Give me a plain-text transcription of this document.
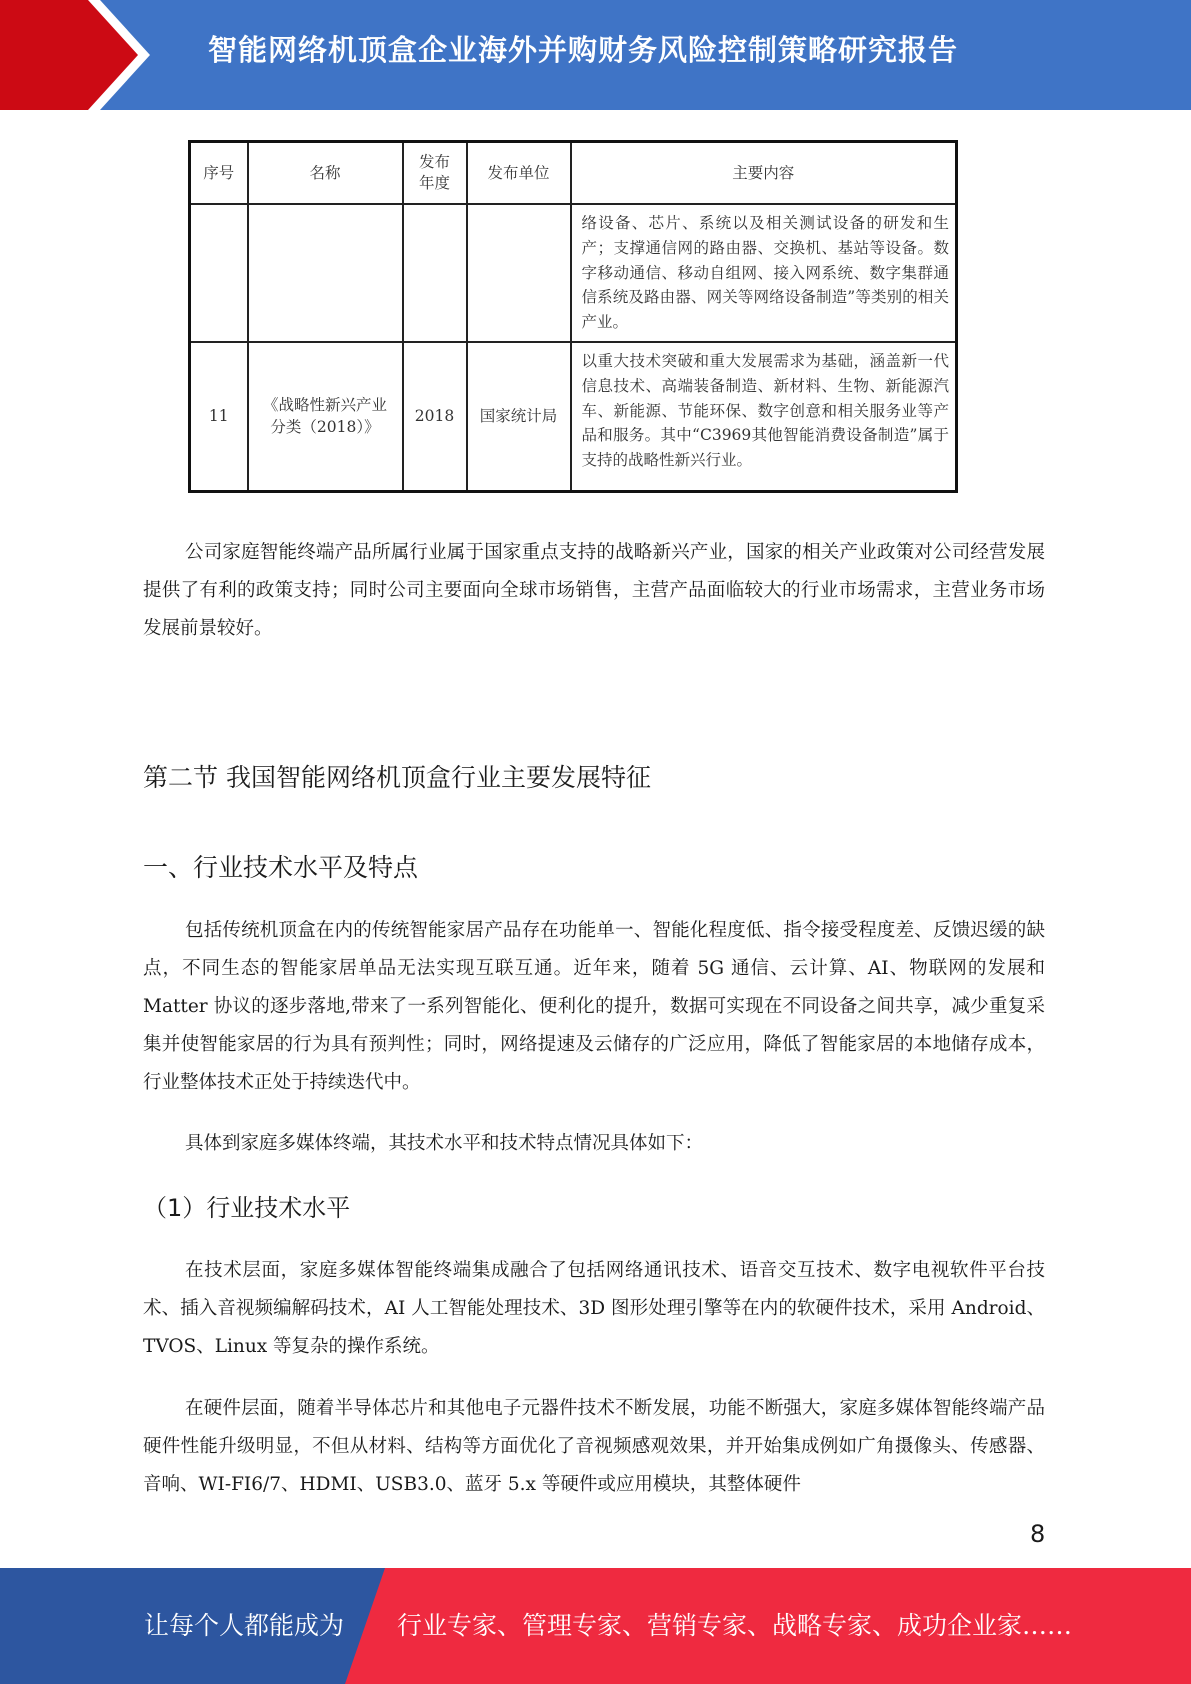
智能网络机顶盒企业海外并购财务风险控制策略研究报告
序号	名称	发布年度	发布单位	主要内容
				络设备、芯片、系统以及相关测试设备的研发和生产；支撑通信网的路由器、交换机、基站等设备。数字移动通信、移动自组网、接入网系统、数字集群通信系统及路由器、网关等网络设备制造”等类别的相关产业。
11	《战略性新兴产业分类（2018）》	2018	国家统计局	以重大技术突破和重大发展需求为基础，涵盖新一代信息技术、高端装备制造、新材料、生物、新能源汽车、新能源、节能环保、数字创意和相关服务业等产品和服务。其中“C3969其他智能消费设备制造”属于支持的战略性新兴行业。
公司家庭智能终端产品所属行业属于国家重点支持的战略新兴产业，国家的相关产业政策对公司经营发展提供了有利的政策支持；同时公司主要面向全球市场销售，主营产品面临较大的行业市场需求，主营业务市场发展前景较好。
第二节 我国智能网络机顶盒行业主要发展特征
一、行业技术水平及特点
包括传统机顶盒在内的传统智能家居产品存在功能单一、智能化程度低、指令接受程度差、反馈迟缓的缺点，不同生态的智能家居单品无法实现互联互通。近年来，随着 5G 通信、云计算、AI、物联网的发展和 Matter 协议的逐步落地,带来了一系列智能化、便利化的提升，数据可实现在不同设备之间共享，减少重复采集并使智能家居的行为具有预判性；同时，网络提速及云储存的广泛应用，降低了智能家居的本地储存成本，行业整体技术正处于持续迭代中。
具体到家庭多媒体终端，其技术水平和技术特点情况具体如下：
（1）行业技术水平
在技术层面，家庭多媒体智能终端集成融合了包括网络通讯技术、语音交互技术、数字电视软件平台技术、插入音视频编解码技术，AI 人工智能处理技术、3D 图形处理引擎等在内的软硬件技术，采用 Android、TVOS、Linux 等复杂的操作系统。
在硬件层面，随着半导体芯片和其他电子元器件技术不断发展，功能不断强大，家庭多媒体智能终端产品硬件性能升级明显，不但从材料、结构等方面优化了音视频感观效果，并开始集成例如广角摄像头、传感器、音响、WI-FI6/7、HDMI、USB3.0、蓝牙 5.x 等硬件或应用模块，其整体硬件
8
让每个人都能成为 行业专家、管理专家、营销专家、战略专家、成功企业家……
